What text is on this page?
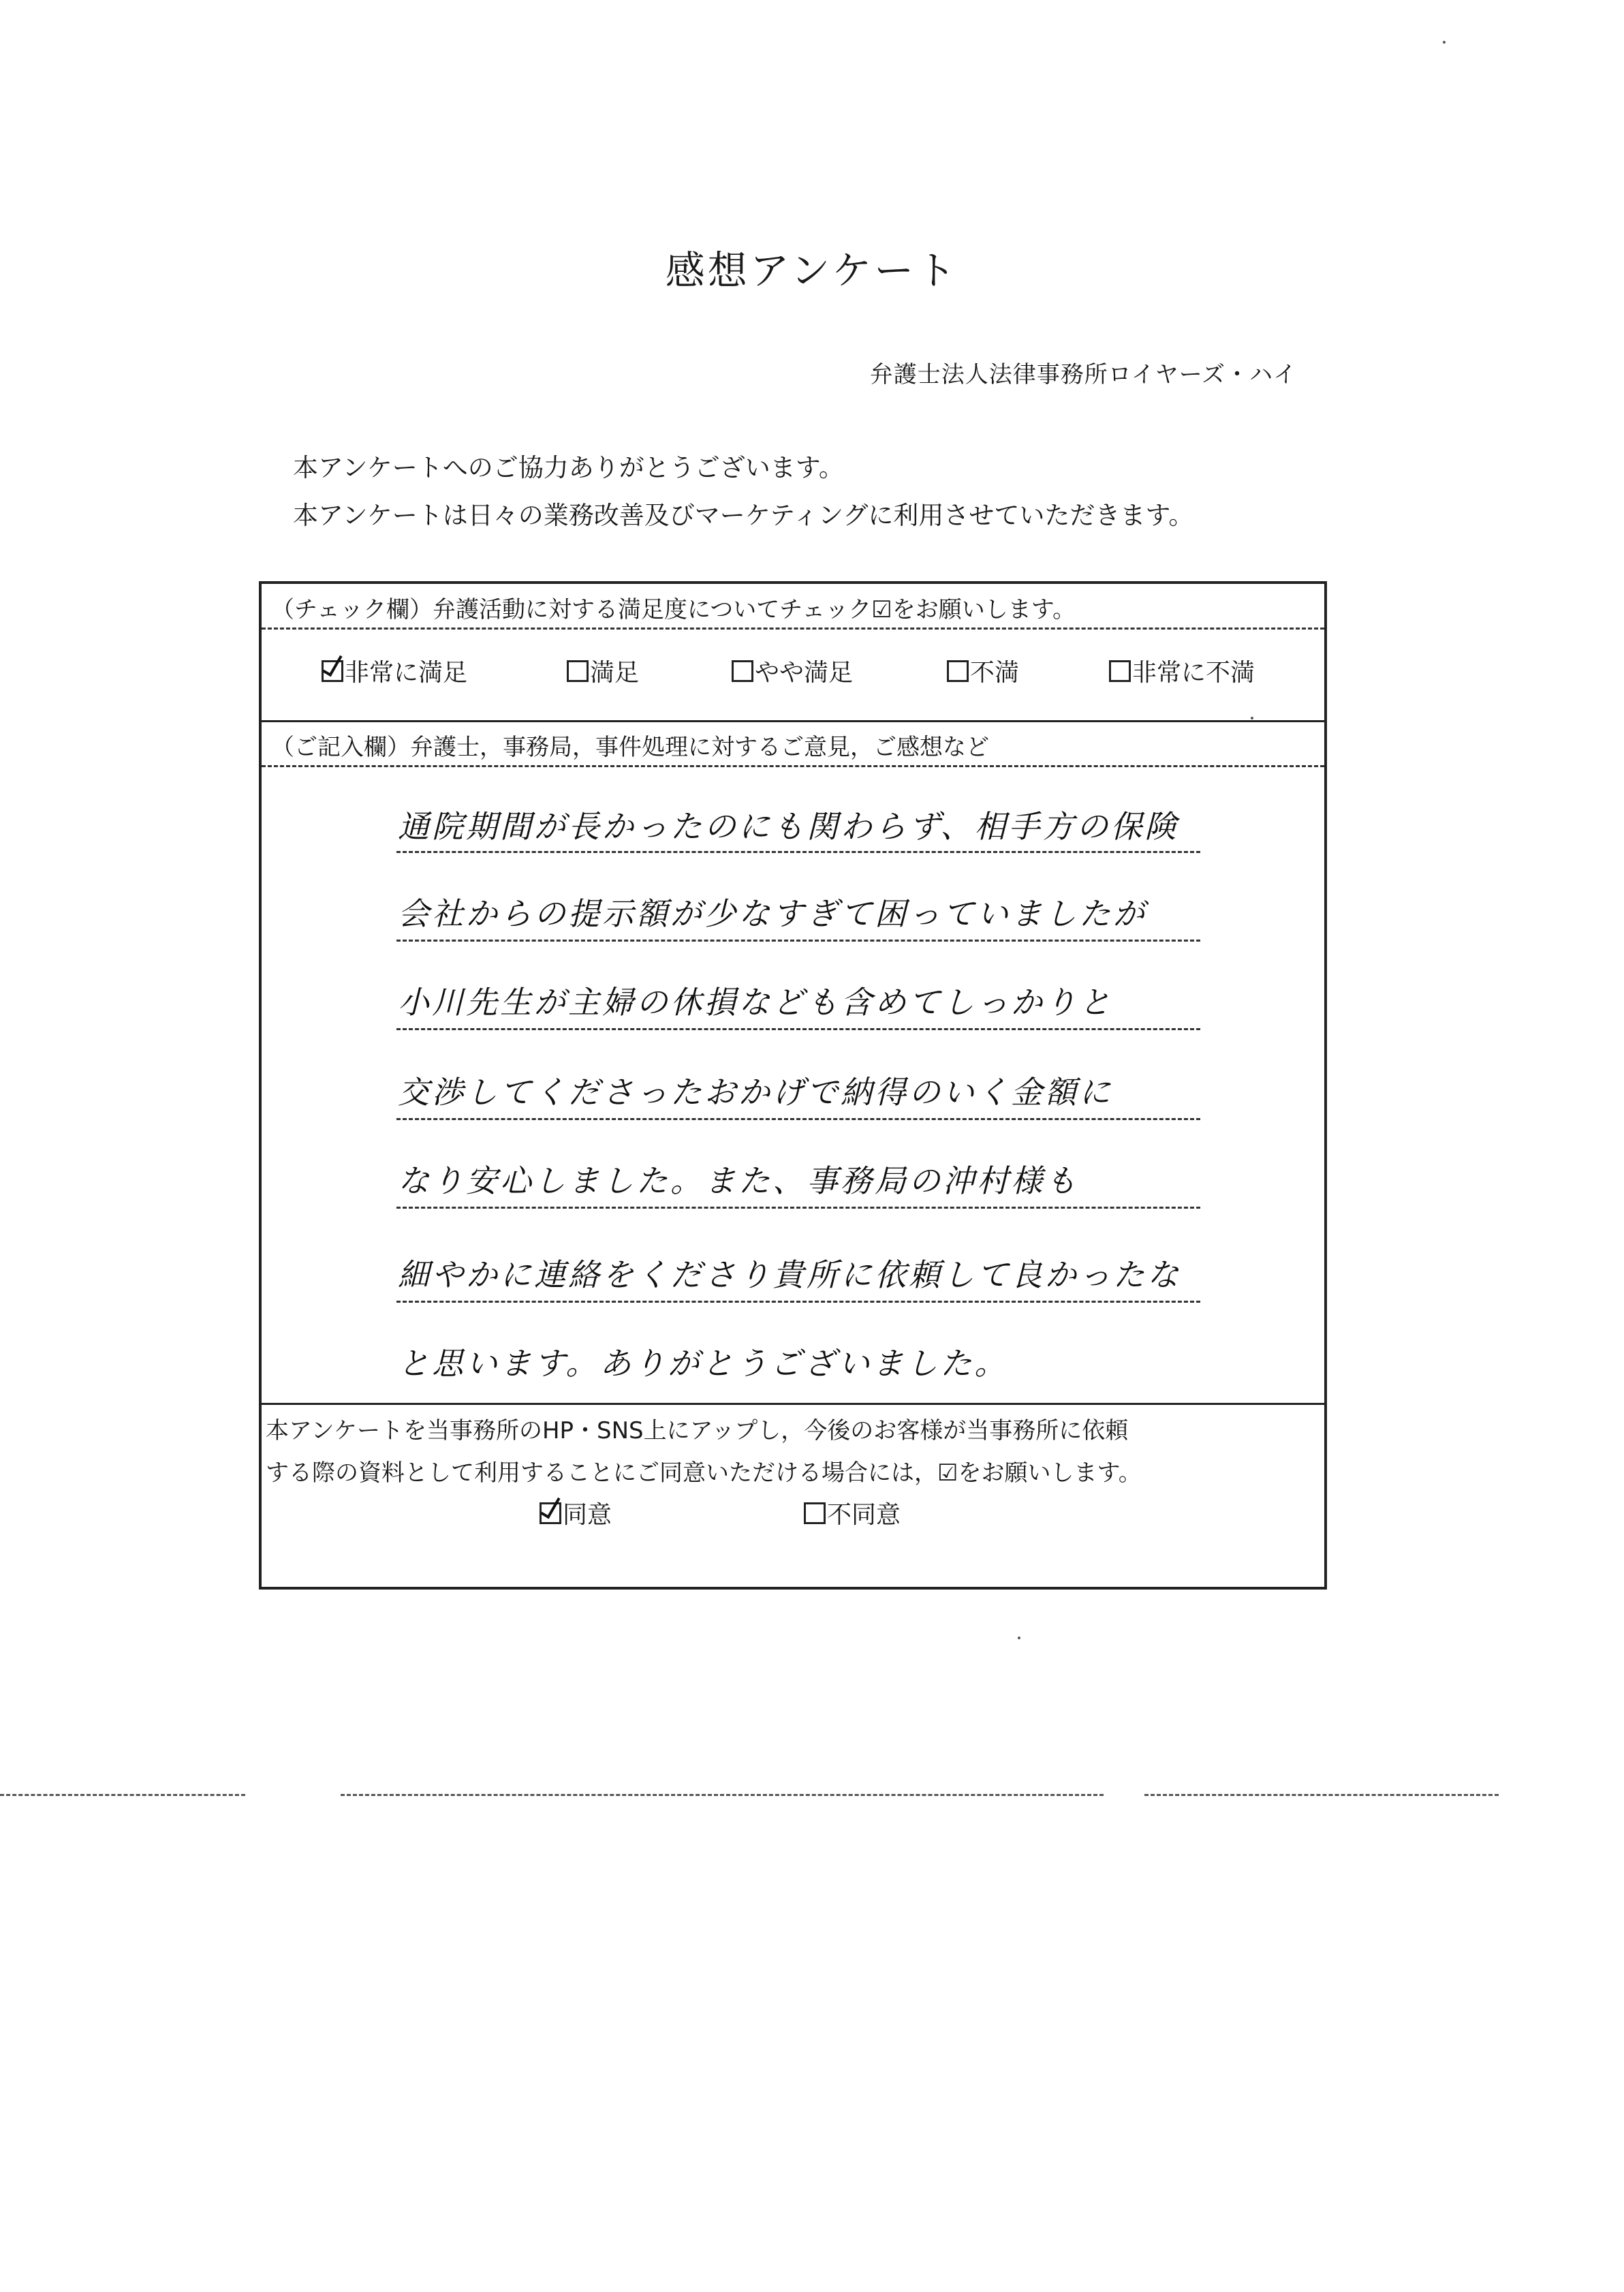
感想アンケート
弁護士法人法律事務所ロイヤーズ・ハイ
本アンケートへのご協力ありがとうございます。
本アンケートは日々の業務改善及びマーケティングに利用させていただきます。
（チェック欄）弁護活動に対する満足度についてチェック☑をお願いします。
非常に満足	満足	やや満足	不満	非常に不満
（ご記入欄）弁護士，事務局，事件処理に対するご意見，ご感想など
通院期間が長かったのにも関わらず、相手方の保険
会社からの提示額が少なすぎて困っていましたが
小川先生が主婦の休損なども含めてしっかりと
交渉してくださったおかげで納得のいく金額に
なり安心しました。また、事務局の沖村様も
細やかに連絡をくださり貴所に依頼して良かったな
と思います。ありがとうございました。
本アンケートを当事務所のHP・SNS上にアップし，今後のお客様が当事務所に依頼
する際の資料として利用することにご同意いただける場合には，☑をお願いします。
同意	不同意
